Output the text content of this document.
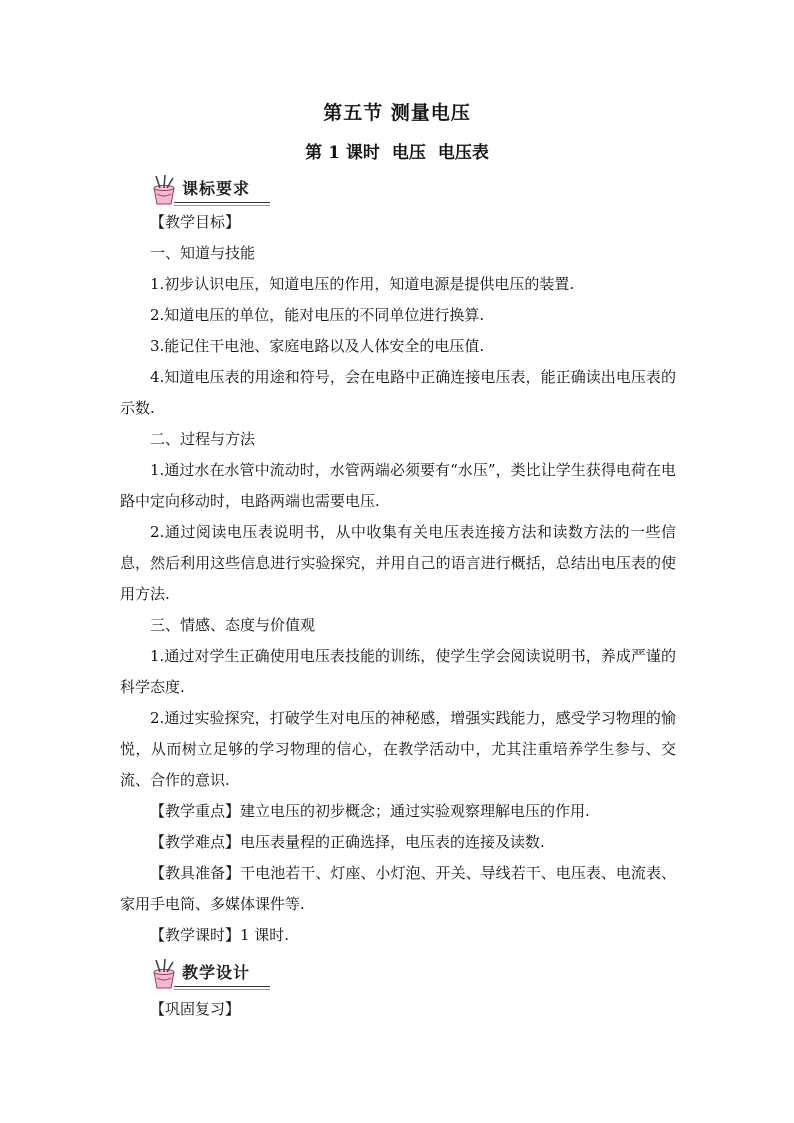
第五节 测量电压
第 1 课时 电压 电压表
课标要求

【教学目标】

一、知道与技能

1.初步认识电压，知道电压的作用，知道电源是提供电压的装置.

2.知道电压的单位，能对电压的不同单位进行换算.

3.能记住干电池、家庭电路以及人体安全的电压值.

4.知道电压表的用途和符号，会在电路中正确连接电压表，能正确读出电压表的示数.

二、过程与方法

1.通过水在水管中流动时，水管两端必须要有“水压”，类比让学生获得电荷在电路中定向移动时，电路两端也需要电压.

2.通过阅读电压表说明书，从中收集有关电压表连接方法和读数方法的一些信息，然后利用这些信息进行实验探究，并用自己的语言进行概括，总结出电压表的使用方法.

三、情感、态度与价值观

1.通过对学生正确使用电压表技能的训练，使学生学会阅读说明书，养成严谨的科学态度.

2.通过实验探究，打破学生对电压的神秘感，增强实践能力，感受学习物理的愉悦，从而树立足够的学习物理的信心，在教学活动中，尤其注重培养学生参与、交流、合作的意识.

【教学重点】建立电压的初步概念；通过实验观察理解电压的作用.

【教学难点】电压表量程的正确选择，电压表的连接及读数.

【教具准备】干电池若干、灯座、小灯泡、开关、导线若干、电压表、电流表、家用手电筒、多媒体课件等.

【教学课时】1 课时.

教学设计

【巩固复习】
